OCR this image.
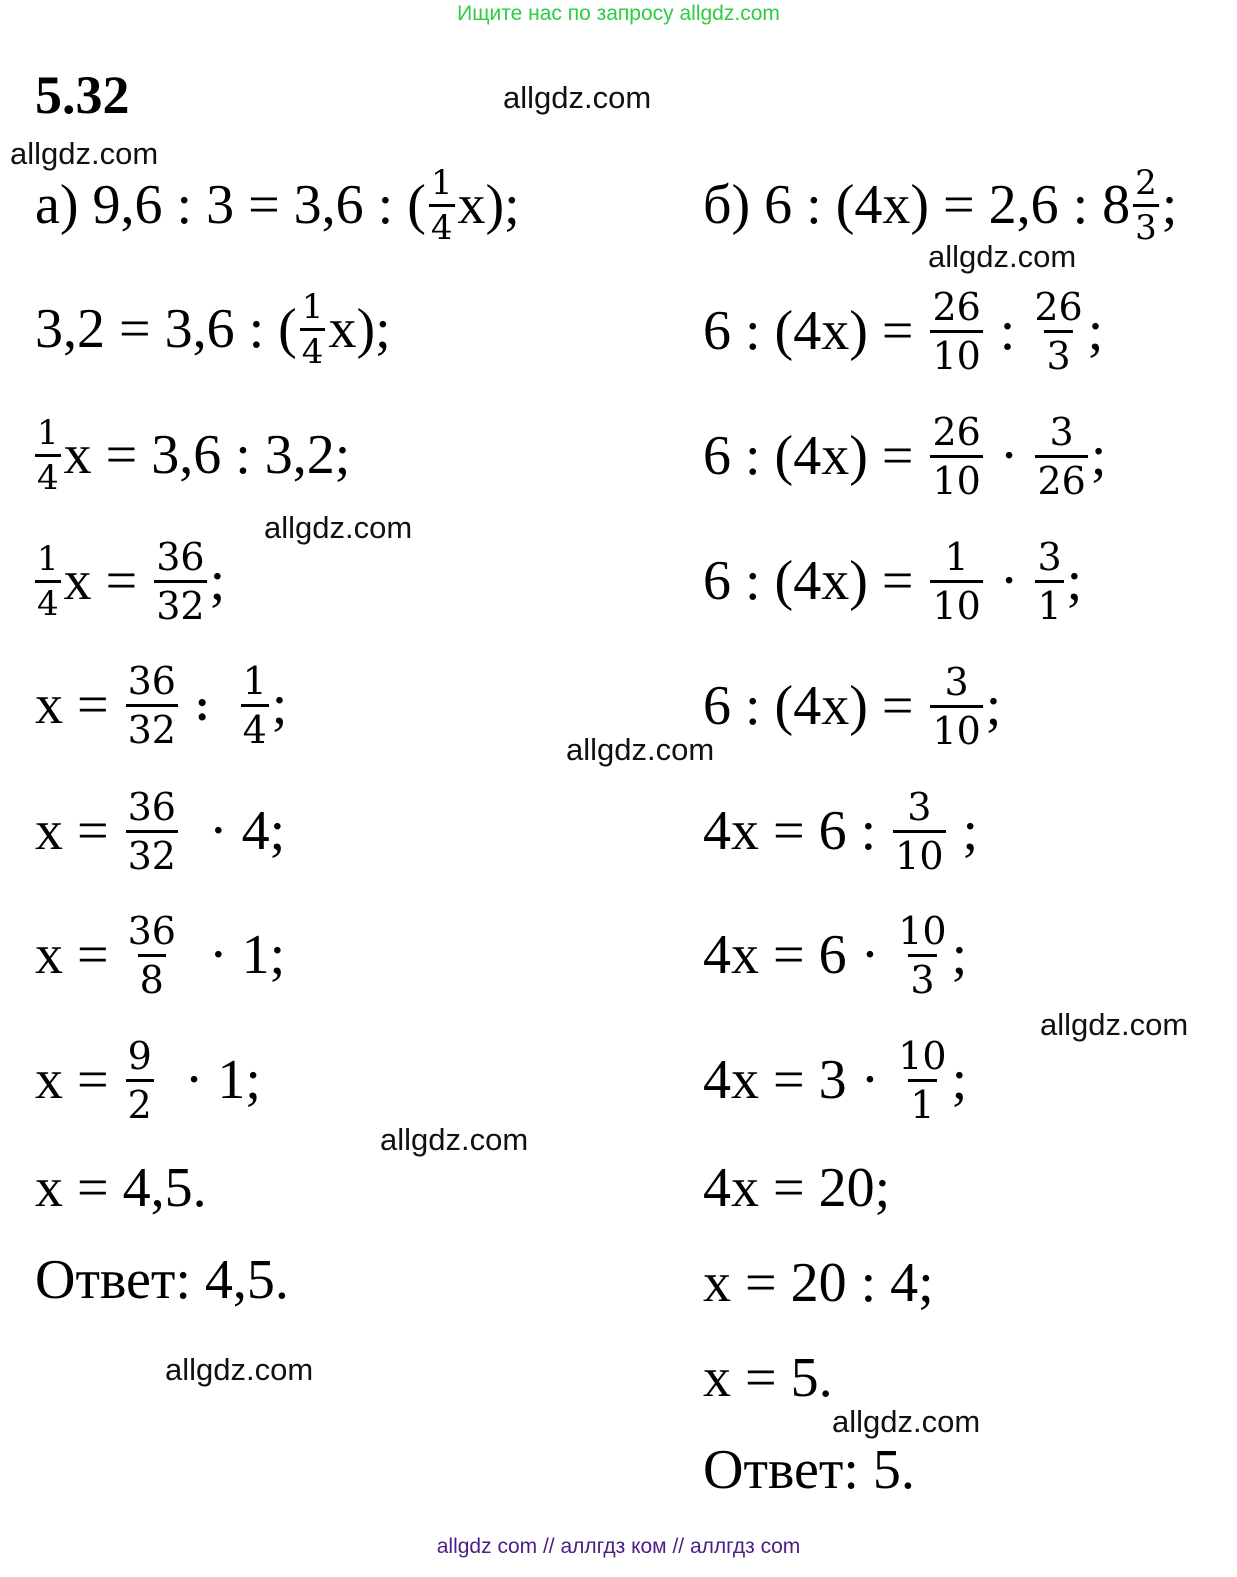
Ищите нас по запросу allgdz.com
5.32	allgdz.com
allgdz.com
allgdz.com
allgdz.com
allgdz.com
allgdz.com
allgdz.com
allgdz.com
allgdz.com
а) 9,6 : 3 = 3,6 : ( $\frac{1}{4} x$);
3,2 = 3,6 : ( $\frac{1}{4} x$);
$\frac{1}{4}$ x = 3,6 : 3,2;
$\frac{1}{4}$ x =
$\frac{36}{32}$ ;
x =
$\frac{36}{32}$
:
$\frac{1}{4}$ ;
x =
$\frac{36}{32}$
· 4;
x =
$\frac{36}{8}$
· 1;
x =
$\frac{9}{2}$
· 1;
x = 4,5.
Ответ: 4,5.
б) 6 : (4x) = 2,6 : $8 \frac{2}{3}$ ;
6 : (4x) =
$\frac{26}{10}$
:
$\frac{26}{3}$ ;
6 : (4x) =
$\frac{26}{10}$
·
$\frac{3}{26}$ ;
6 : (4x) =
$\frac{1}{10}$
·
$\frac{3}{1}$ ;
6 : (4x) =
$\frac{3}{10}$ ;
4x = 6 :
$\frac{3}{10}$
;
4x = 6 ·
$\frac{10}{3}$ ;
4x = 3 ·
$\frac{10}{1}$ ;
4x = 20;
x = 20 : 4;
x = 5.
Ответ: 5.
allgdz com // аллгдз ком // аллгдз com
